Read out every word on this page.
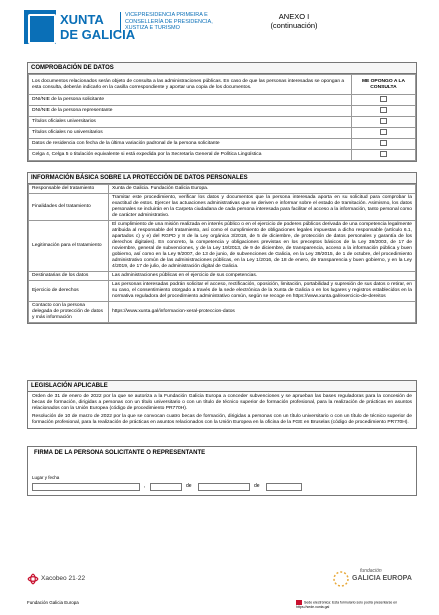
XUNTA
DE GALICIA
VICEPRESIDENCIA PRIMEIRA E
CONSELLERÍA DE PRESIDENCIA,
XUSTIZA E TURISMO
ANEXO I
(continuación)
COMPROBACIÓN DE DATOS
Los documentos relacionados serán objeto de consulta a las administraciones públicas. En caso de que las personas interesadas se opongan a esta consulta, deberán indicarlo en la casilla correspondiente y aportar una copia de los documentos.	ME OPONGO A LA CONSULTA
DNI/NIE de la persona solicitante	
DNI/NIE de la persona representante	
Títulos oficiales universitarios	
Títulos oficiales no universitarios	
Datos de residencia con fecha de la última variación padronal de la persona solicitante	
Celga 4, Celga 5 o titulación equivalente si está expedida por la Secretaría General de Política Lingüística	
INFORMACIÓN BÁSICA SOBRE LA PROTECCIÓN DE DATOS PERSONALES
Responsable del tratamiento	Xunta de Galicia. Fundación Galicia Europa.
Finalidades del tratamiento	Tramitar este procedimiento, verificar los datos y documentos que la persona interesada aporta en su solicitud para comprobar la exactitud de estos. Ejercer las actuaciones administrativas que se deriven e informar sobre el estado de tramitación. Asimismo, los datos personales se incluirán en la Carpeta ciudadana de cada persona interesada para facilitar el acceso a la información, tanto personal como de carácter administrativo.
Legitimación para el tratamiento	El cumplimiento de una misión realizada en interés público o en el ejercicio de poderes públicos derivada de una competencia legalmente atribuida al responsable del tratamiento, así como el cumplimiento de obligaciones legales impuestas a dicho responsable (artículo 6.1, apartados c) y e) del RGPD y 8 de la Ley orgánica 3/2018, de 5 de diciembre, de protección de datos personales y garantía de los derechos digitales). En concreto, la competencia y obligaciones previstas en los preceptos básicos de la Ley 38/2003, de 17 de noviembre, general de subvenciones, y de la Ley 19/2013, de 9 de diciembre, de transparencia, acceso a la información pública y buen gobierno, así como en la Ley 9/2007, de 13 de junio, de subvenciones de Galicia, en la Ley 39/2015, de 1 de octubre, del procedimiento administrativo común de las administraciones públicas, en la Ley 1/2016, de 18 de enero, de transparencia y buen gobierno, y en la Ley 4/2019, de 17 de julio, de administración digital de Galicia.
Destinatarias de los datos	Las administraciones públicas en el ejercicio de sus competencias.
Ejercicio de derechos	Las personas interesadas podrán solicitar el acceso, rectificación, oposición, limitación, portabilidad y supresión de sus datos o retirar, en su caso, el consentimiento otorgado a través de la sede electrónica de la Xunta de Galicia o en los lugares y registros establecidos en la normativa reguladora del procedimiento administrativo común, según se recoge en https://www.xunta.gal/exercicio-de-dereitos
Contacto con la persona delegada de protección de datos y más información	https://www.xunta.gal/informacion-xeral-proteccion-datos
LEGISLACIÓN APLICABLE
Orden de 31 de enero de 2022 por la que se autoriza a la Fundación Galicia Europa a conceder subvenciones y se aprueban las bases reguladoras para la concesión de becas de formación, dirigidas a personas con un título universitario o con un título de técnico superior de formación profesional, para la realización de prácticas en asuntos relacionados con la Unión Europea (código de procedimiento PR770H).
Resolución de 10 de marzo de 2022 por la que se convocan cuatro becas de formación, dirigidas a personas con un título universitario o con un título de técnico superior de formación profesional, para la realización de prácticas en asuntos relacionados con la Unión Europea en la oficina de la FGE en Bruselas (código de procedimiento PR770H).
FIRMA DE LA PERSONA SOLICITANTE O REPRESENTANTE
Lugar y fecha
,	de	de
Xacobeo 21·22
fundación
GALICIA EUROPA
Fundación Galicia Europa	Sede electrónica: Esta formulario solo podrá presentarse en https://sede.xunta.gal
